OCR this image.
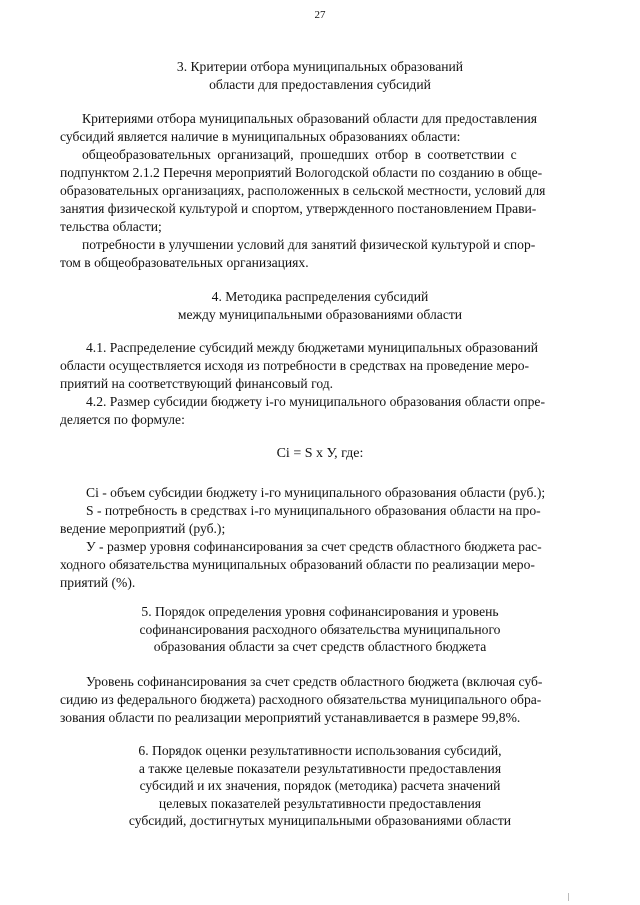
27
3. Критерии отбора муниципальных образований
области для предоставления субсидий
Критериями отбора муниципальных образований области для предоставления
субсидий является наличие в муниципальных образованиях области:
общеобразовательных организаций, прошедших отбор в соответствии с
подпунктом 2.1.2 Перечня мероприятий Вологодской области по созданию в обще-
образовательных организациях, расположенных в сельской местности, условий для
занятия физической культурой и спортом, утвержденного постановлением Прави-
тельства области;
потребности в улучшении условий для занятий физической культурой и спор-
том в общеобразовательных организациях.
4. Методика распределения субсидий
между муниципальными образованиями области
4.1. Распределение субсидий между бюджетами муниципальных образований
области осуществляется исходя из потребности в средствах на проведение меро-
приятий на соответствующий финансовый год.
4.2. Размер субсидии бюджету i-го муниципального образования области опре-
деляется по формуле:
Ci = S x У, где:
Ci - объем субсидии бюджету i-го муниципального образования области (руб.);
S - потребность в средствах i-го муниципального образования области на про-
ведение мероприятий (руб.);
У - размер уровня софинансирования за счет средств областного бюджета рас-
ходного обязательства муниципальных образований области по реализации меро-
приятий (%).
5. Порядок определения уровня софинансирования и уровень
софинансирования расходного обязательства муниципального
образования области за счет средств областного бюджета
Уровень софинансирования за счет средств областного бюджета (включая суб-
сидию из федерального бюджета) расходного обязательства муниципального обра-
зования области по реализации мероприятий устанавливается в размере 99,8%.
6. Порядок оценки результативности использования субсидий,
а также целевые показатели результативности предоставления
субсидий и их значения, порядок (методика) расчета значений
целевых показателей результативности предоставления
субсидий, достигнутых муниципальными образованиями области
